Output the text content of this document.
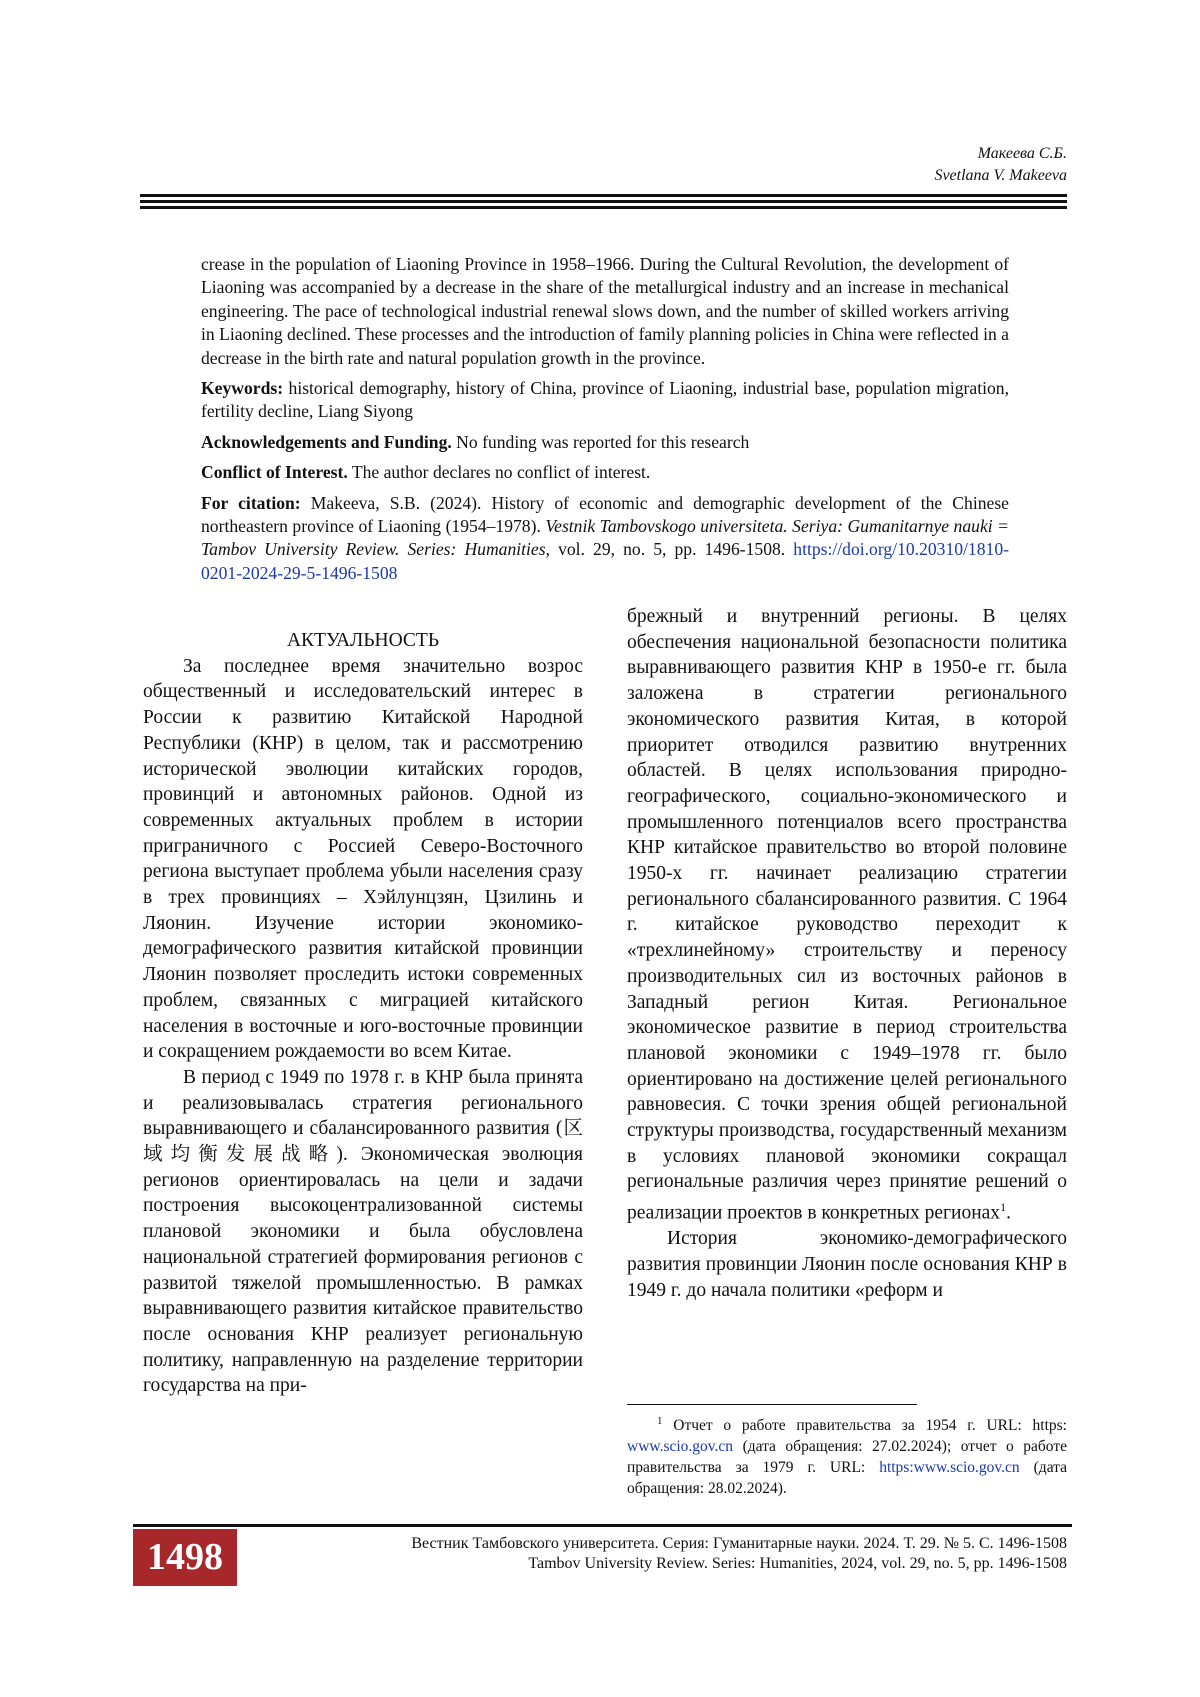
Макеева С.Б.
Svetlana V. Makeeva

crease in the population of Liaoning Province in 1958–1966. During the Cultural Revolution, the development of Liaoning was accompanied by a decrease in the share of the metallurgical industry and an increase in mechanical engineering. The pace of technological industrial renewal slows down, and the number of skilled workers arriving in Liaoning declined. These processes and the introduction of family planning policies in China were reflected in a decrease in the birth rate and natural population growth in the province.

Keywords: historical demography, history of China, province of Liaoning, industrial base, population migration, fertility decline, Liang Siyong

Acknowledgements and Funding. No funding was reported for this research

Conflict of Interest. The author declares no conflict of interest.

For citation: Makeeva, S.B. (2024). History of economic and demographic development of the Chinese northeastern province of Liaoning (1954–1978). Vestnik Tambovskogo universiteta. Seriya: Gumanitarnye nauki = Tambov University Review. Series: Humanities, vol. 29, no. 5, pp. 1496-1508. https://doi.org/10.20310/1810-0201-2024-29-5-1496-1508

АКТУАЛЬНОСТЬ

За последнее время значительно возрос общественный и исследовательский интерес в России к развитию Китайской Народной Республики (КНР) в целом, так и рассмотрению исторической эволюции китайских городов, провинций и автономных районов. Одной из современных актуальных проблем в истории приграничного с Россией Северо-Восточного региона выступает проблема убыли населения сразу в трех провинциях – Хэйлунцзян, Цзилинь и Ляонин. Изучение истории экономико-демографического развития китайской провинции Ляонин позволяет проследить истоки современных проблем, связанных с миграцией китайского населения в восточные и юго-восточные провинции и сокращением рождаемости во всем Китае.

В период с 1949 по 1978 г. в КНР была принята и реализовывалась стратегия регионального выравнивающего и сбалансированного развития (区域均衡发展战略). Экономическая эволюция регионов ориентировалась на цели и задачи построения высокоцентрализованной системы плановой экономики и была обусловлена национальной стратегией формирования регионов с развитой тяжелой промышленностью. В рамках выравнивающего развития китайское правительство после основания КНР реализует региональную политику, направленную на разделение территории государства на при-

брежный и внутренний регионы. В целях обеспечения национальной безопасности политика выравнивающего развития КНР в 1950-е гг. была заложена в стратегии регионального экономического развития Китая, в которой приоритет отводился развитию внутренних областей. В целях использования природно-географического, социально-экономического и промышленного потенциалов всего пространства КНР китайское правительство во второй половине 1950-х гг. начинает реализацию стратегии регионального сбалансированного развития. С 1964 г. китайское руководство переходит к «трехлинейному» строительству и переносу производительных сил из восточных районов в Западный регион Китая. Региональное экономическое развитие в период строительства плановой экономики с 1949–1978 гг. было ориентировано на достижение целей регионального равновесия. С точки зрения общей региональной структуры производства, государственный механизм в условиях плановой экономики сокращал региональные различия через принятие решений о реализации проектов в конкретных регионах$^1$.

История экономико-демографического развития провинции Ляонин после основания КНР в 1949 г. до начала политики «реформ и

$^1$ Отчет о работе правительства за 1954 г. URL: https: www.scio.gov.cn (дата обращения: 27.02.2024); отчет о работе правительства за 1979 г. URL: https:www.scio.gov.cn (дата обращения: 28.02.2024).
1498	Вестник Тамбовского университета. Серия: Гуманитарные науки. 2024. Т. 29. № 5. С. 1496-1508
Tambov University Review. Series: Humanities, 2024, vol. 29, no. 5, pp. 1496-1508
